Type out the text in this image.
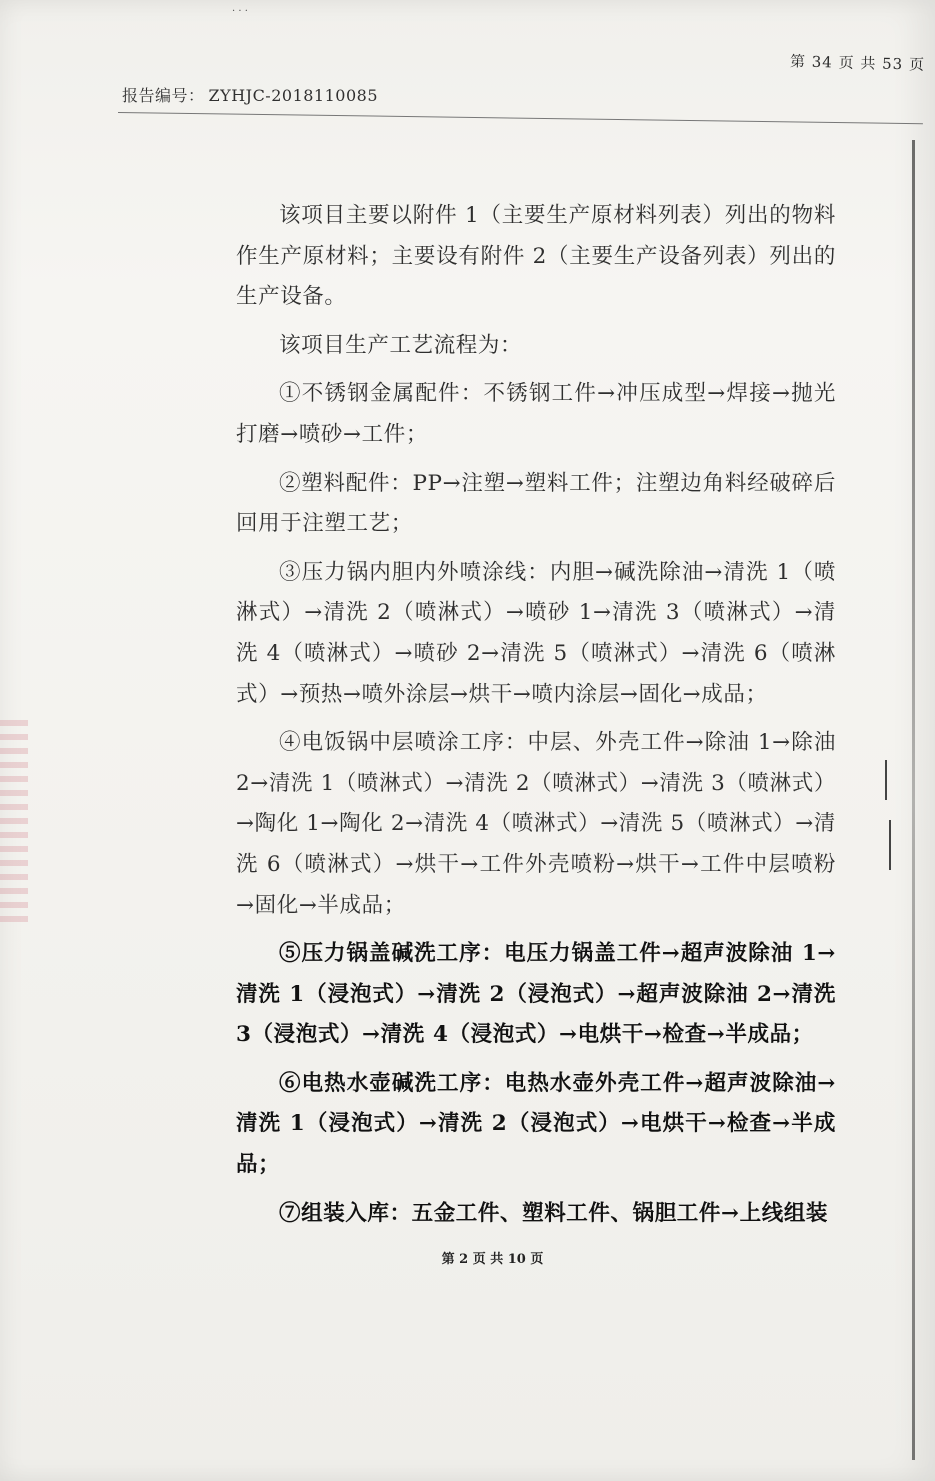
· · ·
第 34 页 共 53 页
报告编号： ZYHJC-2018110085

该项目主要以附件 1（主要生产原材料列表）列出的物料作生产原材料；主要设有附件 2（主要生产设备列表）列出的生产设备。

该项目生产工艺流程为：

①不锈钢金属配件：不锈钢工件→冲压成型→焊接→抛光打磨→喷砂→工件；

②塑料配件：PP→注塑→塑料工件；注塑边角料经破碎后回用于注塑工艺；

③压力锅内胆内外喷涂线：内胆→碱洗除油→清洗 1（喷淋式）→清洗 2（喷淋式）→喷砂 1→清洗 3（喷淋式）→清洗 4（喷淋式）→喷砂 2→清洗 5（喷淋式）→清洗 6（喷淋式）→预热→喷外涂层→烘干→喷内涂层→固化→成品；

④电饭锅中层喷涂工序：中层、外壳工件→除油 1→除油 2→清洗 1（喷淋式）→清洗 2（喷淋式）→清洗 3（喷淋式）→陶化 1→陶化 2→清洗 4（喷淋式）→清洗 5（喷淋式）→清洗 6（喷淋式）→烘干→工件外壳喷粉→烘干→工件中层喷粉→固化→半成品；

⑤压力锅盖碱洗工序：电压力锅盖工件→超声波除油 1→清洗 1（浸泡式）→清洗 2（浸泡式）→超声波除油 2→清洗 3（浸泡式）→清洗 4（浸泡式）→电烘干→检查→半成品；

⑥电热水壶碱洗工序：电热水壶外壳工件→超声波除油→清洗 1（浸泡式）→清洗 2（浸泡式）→电烘干→检查→半成品；

⑦组装入库：五金工件、塑料工件、锅胆工件→上线组装

第 2 页 共 10 页
